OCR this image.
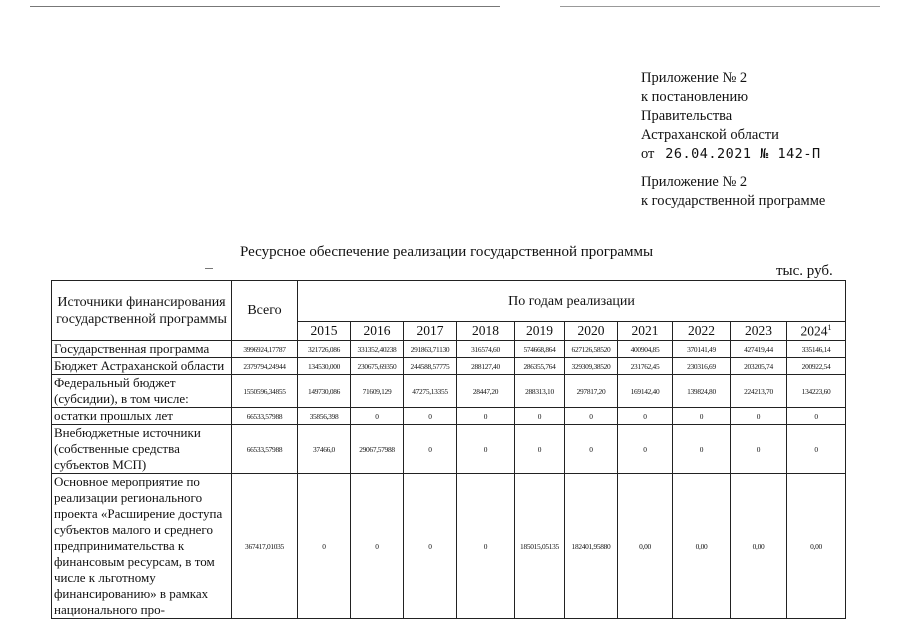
Приложение № 2
к постановлению
Правительства
Астраханской области
от 26.04.2021 № 142-П
Приложение № 2
к государственной программе
Ресурсное обеспечение реализации государственной программы
тыс. руб.
Источники финансирования государственной программы	Всего	По годам реализации									
		2015	2016	2017	2018	2019	2020	2021	2022	2023	2024$^1$
Государственная программа	3996924,17787	321726,086	331352,40238	291863,71130	316574,60	574668,864	627126,58520	400904,85	370141,49	427419,44	335146,14
Бюджет Астраханской области	2379794,24944	134530,000	230675,69350	244588,57775	288127,40	286355,764	329309,38520	231762,45	230316,69	203205,74	200922,54
Федеральный бюджет (субсидии), в том числе:	1550596,34855	149730,086	71609,129	47275,13355	28447,20	288313,10	297817,20	169142,40	139824,80	224213,70	134223,60
остатки прошлых лет	66533,57988	35856,398	0	0	0	0	0	0	0	0	0
Внебюджетные источники (собственные средства субъектов МСП)	66533,57988	37466,0	29067,57988	0	0	0	0	0	0	0	0
Основное мероприятие по реализации регионального проекта «Расширение доступа субъектов малого и среднего предпринимательства к финансовым ресурсам, в том числе к льготному финансированию» в рамках национального про-	367417,01035	0	0	0	0	185015,05135	182401,95880	0,00	0,00	0,00	0,00
